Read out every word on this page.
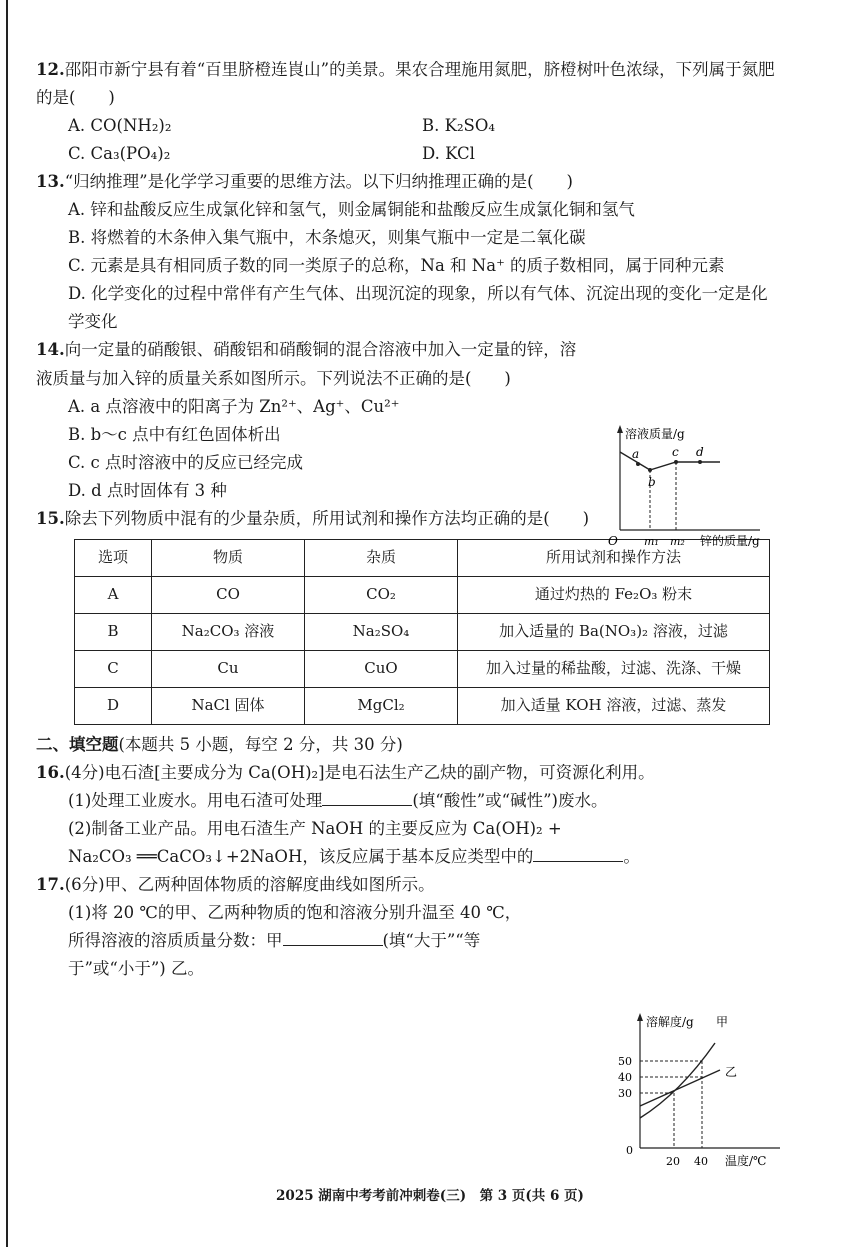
12.邵阳市新宁县有着“百里脐橙连崀山”的美景。果农合理施用氮肥，脐橙树叶色浓绿，下列属于氮肥的是(　　)

A. CO(NH₂)₂	B. K₂SO₄
C. Ca₃(PO₄)₂	D. KCl

13.“归纳推理”是化学学习重要的思维方法。以下归纳推理正确的是(　　)

A. 锌和盐酸反应生成氯化锌和氢气，则金属铜能和盐酸反应生成氯化铜和氢气

B. 将燃着的木条伸入集气瓶中，木条熄灭，则集气瓶中一定是二氧化碳

C. 元素是具有相同质子数的同一类原子的总称，Na 和 Na⁺ 的质子数相同，属于同种元素

D. 化学变化的过程中常伴有产生气体、出现沉淀的现象，所以有气体、沉淀出现的变化一定是化学变化

14.向一定量的硝酸银、硝酸铝和硝酸铜的混合溶液中加入一定量的锌，溶液质量与加入锌的质量关系如图所示。下列说法不正确的是(　　)

A. a 点溶液中的阳离子为 Zn²⁺、Ag⁺、Cu²⁺

B. b～c 点中有红色固体析出

C. c 点时溶液中的反应已经完成

D. d 点时固体有 3 种

15.除去下列物质中混有的少量杂质，所用试剂和操作方法均正确的是(　　)

选项	物质	杂质	所用试剂和操作方法
A	CO	CO₂	通过灼热的 Fe₂O₃ 粉末
B	Na₂CO₃ 溶液	Na₂SO₄	加入适量的 Ba(NO₃)₂ 溶液，过滤
C	Cu	CuO	加入过量的稀盐酸，过滤、洗涤、干燥
D	NaCl 固体	MgCl₂	加入适量 KOH 溶液，过滤、蒸发

二、填空题(本题共 5 小题，每空 2 分，共 30 分)

16.(4分)电石渣[主要成分为 Ca(OH)₂]是电石法生产乙炔的副产物，可资源化利用。

(1)处理工业废水。用电石渣可处理	(填“酸性”或“碱性”)废水。

(2)制备工业产品。用电石渣生产 NaOH 的主要反应为 Ca(OH)₂ +

Na₂CO₃ ══CaCO₃↓+2NaOH，该反应属于基本反应类型中的	。

17.(6分)甲、乙两种固体物质的溶解度曲线如图所示。

(1)将 20 ℃的甲、乙两种物质的饱和溶液分别升温至 40 ℃，

所得溶液的溶质质量分数：甲	(填“大于”“等

于”或“小于”) 乙。

溶液质量/g
O
a
b
c d
m₁ m₂ 锌的质量/g
溶解度/g
50
40
30
0
甲
乙
20 40 温度/℃
2025 湖南中考考前冲刺卷(三)　第 3 页(共 6 页)
